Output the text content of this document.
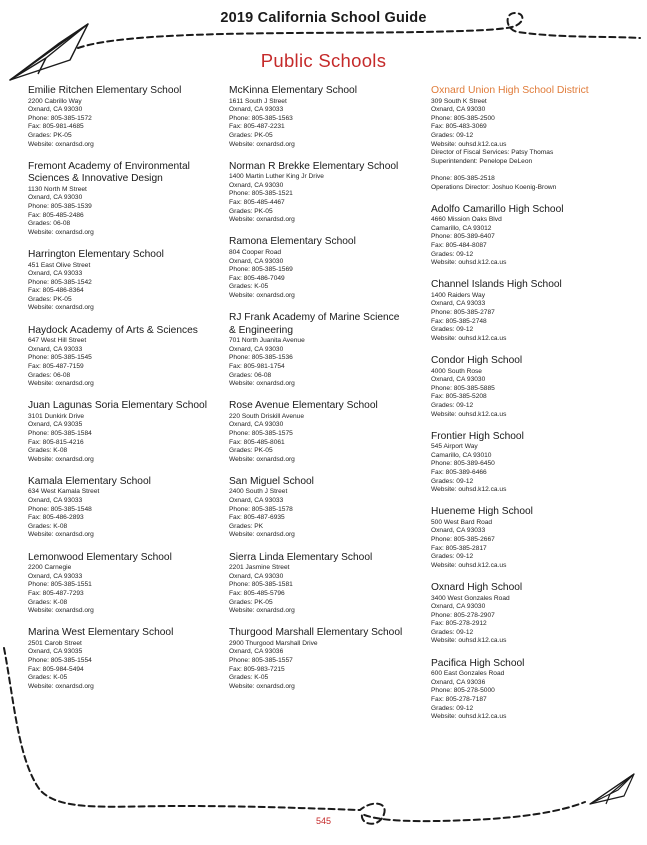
2019 California School Guide
Public Schools
Emilie Ritchen Elementary School
2200 Cabrillo Way
Oxnard, CA 93030
Phone: 805-385-1572
Fax: 805-981-4685
Grades: PK-05
Website: oxnardsd.org
Fremont Academy of Environmental
Sciences & Innovative Design
1130 North M Street
Oxnard, CA 93030
Phone: 805-385-1539
Fax: 805-485-2486
Grades: 06-08
Website: oxnardsd.org
Harrington Elementary School
451 East Olive Street
Oxnard, CA 93033
Phone: 805-385-1542
Fax: 805-486-8364
Grades: PK-05
Website: oxnardsd.org
Haydock Academy of Arts & Sciences
647 West Hill Street
Oxnard, CA 93033
Phone: 805-385-1545
Fax: 805-487-7159
Grades: 06-08
Website: oxnardsd.org
Juan Lagunas Soria Elementary School
3101 Dunkirk Drive
Oxnard, CA 93035
Phone: 805-385-1584
Fax: 805-815-4216
Grades: K-08
Website: oxnardsd.org
Kamala Elementary School
634 West Kamala Street
Oxnard, CA 93033
Phone: 805-385-1548
Fax: 805-486-2893
Grades: K-08
Website: oxnardsd.org
Lemonwood Elementary School
2200 Carnegie
Oxnard, CA 93033
Phone: 805-385-1551
Fax: 805-487-7293
Grades: K-08
Website: oxnardsd.org
Marina West Elementary School
2501 Carob Street
Oxnard, CA 93035
Phone: 805-385-1554
Fax: 805-984-5494
Grades: K-05
Website: oxnardsd.org
McKinna Elementary School
1611 South J Street
Oxnard, CA 93033
Phone: 805-385-1563
Fax: 805-487-2231
Grades: PK-05
Website: oxnardsd.org
Norman R Brekke Elementary School
1400 Martin Luther King Jr Drive
Oxnard, CA 93030
Phone: 805-385-1521
Fax: 805-485-4467
Grades: PK-05
Website: oxnardsd.org
Ramona Elementary School
804 Cooper Road
Oxnard, CA 93030
Phone: 805-385-1569
Fax: 805-486-7049
Grades: K-05
Website: oxnardsd.org
RJ Frank Academy of Marine Science
& Engineering
701 North Juanita Avenue
Oxnard, CA 93030
Phone: 805-385-1536
Fax: 805-981-1754
Grades: 06-08
Website: oxnardsd.org
Rose Avenue Elementary School
220 South Driskill Avenue
Oxnard, CA 93030
Phone: 805-385-1575
Fax: 805-485-8061
Grades: PK-05
Website: oxnardsd.org
San Miguel School
2400 South J Street
Oxnard, CA 93033
Phone: 805-385-1578
Fax: 805-487-6935
Grades: PK
Website: oxnardsd.org
Sierra Linda Elementary School
2201 Jasmine Street
Oxnard, CA 93030
Phone: 805-385-1581
Fax: 805-485-5796
Grades: PK-05
Website: oxnardsd.org
Thurgood Marshall Elementary School
2900 Thurgood Marshall Drive
Oxnard, CA 93036
Phone: 805-385-1557
Fax: 805-983-7215
Grades: K-05
Website: oxnardsd.org
Oxnard Union High School District
309 South K Street
Oxnard, CA 93030
Phone: 805-385-2500
Fax: 805-483-3069
Grades: 09-12
Website: ouhsd.k12.ca.us
Director of Fiscal Services: Patsy Thomas
Superintendent: Penelope DeLeon
Phone: 805-385-2518
Operations Director: Joshuo Koenig-Brown
Adolfo Camarillo High School
4660 Mission Oaks Blvd
Camarillo, CA 93012
Phone: 805-389-6407
Fax: 805-484-8087
Grades: 09-12
Website: ouhsd.k12.ca.us
Channel Islands High School
1400 Raiders Way
Oxnard, CA 93033
Phone: 805-385-2787
Fax: 805-385-2748
Grades: 09-12
Website: ouhsd.k12.ca.us
Condor High School
4000 South Rose
Oxnard, CA 93030
Phone: 805-385-5885
Fax: 805-385-5208
Grades: 09-12
Website: ouhsd.k12.ca.us
Frontier High School
545 Airport Way
Camarillo, CA 93010
Phone: 805-389-6450
Fax: 805-389-6466
Grades: 09-12
Website: ouhsd.k12.ca.us
Hueneme High School
500 West Bard Road
Oxnard, CA 93033
Phone: 805-385-2667
Fax: 805-385-2817
Grades: 09-12
Website: ouhsd.k12.ca.us
Oxnard High School
3400 West Gonzales Road
Oxnard, CA 93030
Phone: 805-278-2907
Fax: 805-278-2912
Grades: 09-12
Website: ouhsd.k12.ca.us
Pacifica High School
600 East Gonzales Road
Oxnard, CA 93036
Phone: 805-278-5000
Fax: 805-278-7187
Grades: 09-12
Website: ouhsd.k12.ca.us
545
